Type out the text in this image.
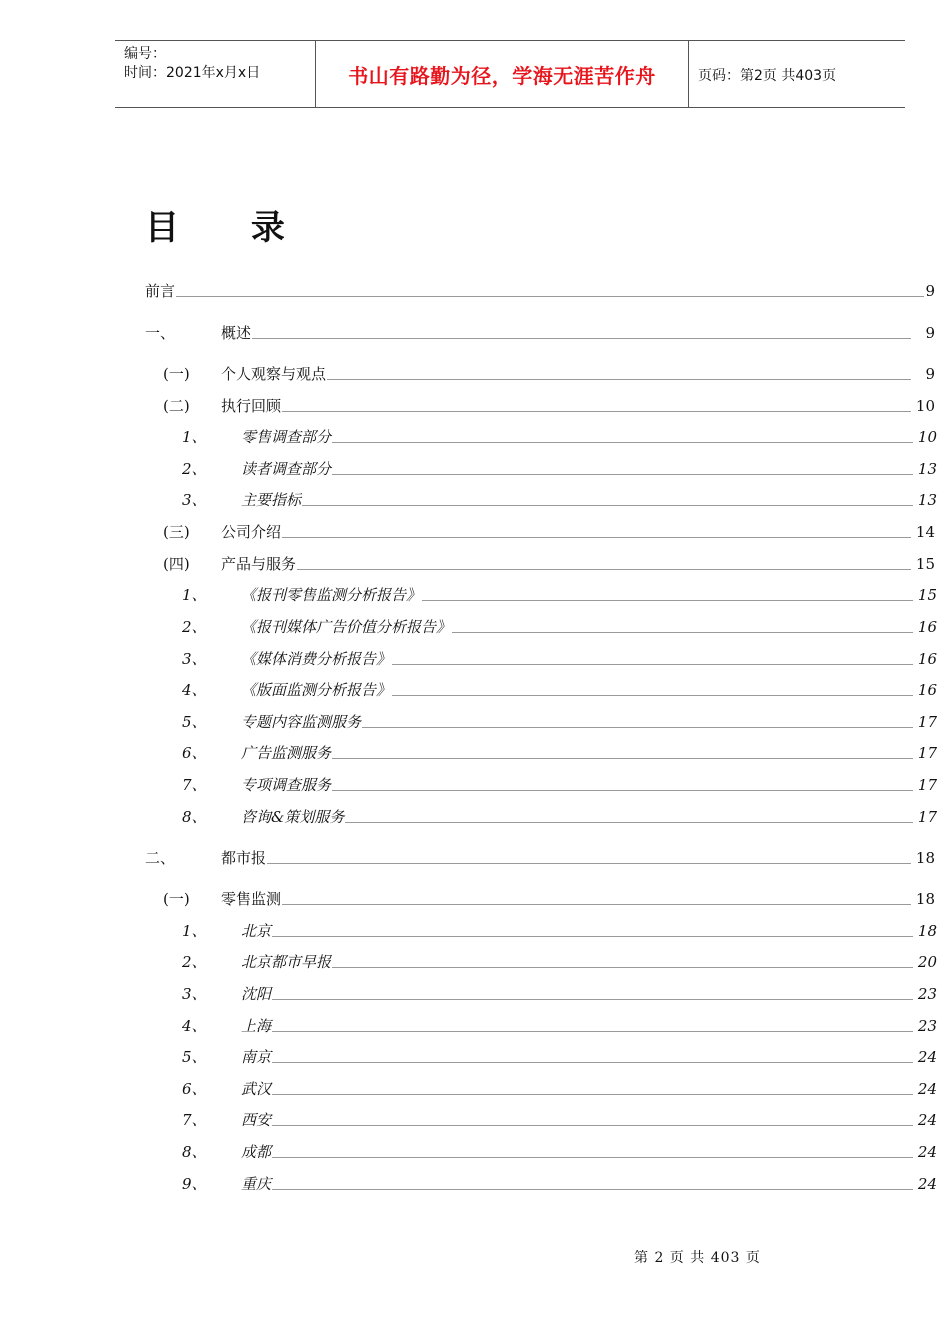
编号：
时间：2021年x月x日	书山有路勤为径，学海无涯苦作舟	页码：第2页 共403页
目 录
前言	9
一、	概述	9
(一) 个人观察与观点	9
(二) 执行回顾	10
1、 零售调查部分	10
2、 读者调查部分	13
3、 主要指标	13
(三) 公司介绍	14
(四) 产品与服务	15
1、 《报刊零售监测分析报告》	15
2、 《报刊媒体广告价值分析报告》	16
3、 《媒体消费分析报告》	16
4、 《版面监测分析报告》	16
5、 专题内容监测服务	17
6、 广告监测服务	17
7、 专项调查服务	17
8、 咨询&策划服务	17
二、	都市报	18
(一) 零售监测	18
1、 北京	18
2、 北京都市早报	20
3、 沈阳	23
4、 上海	23
5、 南京	24
6、 武汉	24
7、 西安	24
8、 成都	24
9、 重庆	24
第 2 页 共 403 页
